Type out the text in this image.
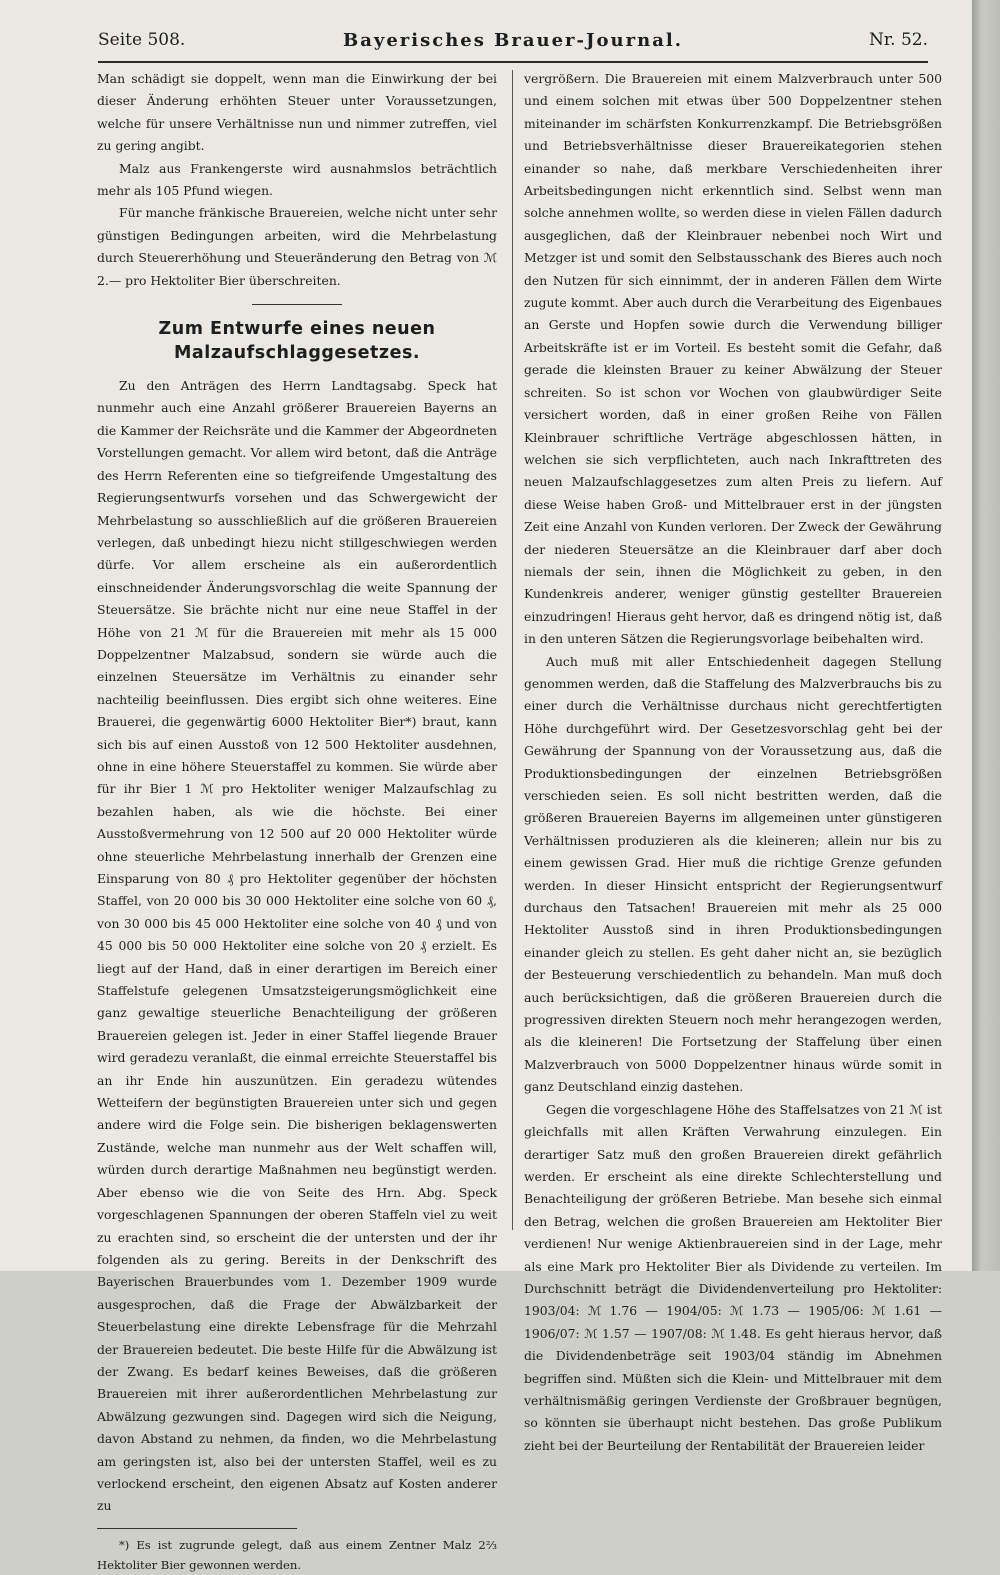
Seite 508.	Bayerisches Brauer-Journal.	Nr. 52.

Man schädigt sie doppelt, wenn man die Einwirkung der bei dieser Änderung erhöhten Steuer unter Voraussetzungen, welche für unsere Verhältnisse nun und nimmer zutreffen, viel zu gering angibt.

Malz aus Frankengerste wird ausnahmslos beträchtlich mehr als 105 Pfund wiegen.

Für manche fränkische Brauereien, welche nicht unter sehr günstigen Bedingungen arbeiten, wird die Mehrbelastung durch Steuererhöhung und Steueränderung den Betrag von ℳ 2.— pro Hektoliter Bier überschreiten.

Zum Entwurfe eines neuen Malzaufschlaggesetzes.

Zu den Anträgen des Herrn Landtagsabg. Speck hat nunmehr auch eine Anzahl größerer Brauereien Bayerns an die Kammer der Reichsräte und die Kammer der Abgeordneten Vorstellungen gemacht. Vor allem wird betont, daß die Anträge des Herrn Referenten eine so tiefgreifende Umgestaltung des Regierungsentwurfs vorsehen und das Schwergewicht der Mehrbelastung so ausschließlich auf die größeren Brauereien verlegen, daß unbedingt hiezu nicht stillgeschwiegen werden dürfe. Vor allem erscheine als ein außerordentlich einschneidender Änderungsvorschlag die weite Spannung der Steuersätze. Sie brächte nicht nur eine neue Staffel in der Höhe von 21 ℳ für die Brauereien mit mehr als 15 000 Doppelzentner Malzabsud, sondern sie würde auch die einzelnen Steuersätze im Verhältnis zu einander sehr nachteilig beeinflussen. Dies ergibt sich ohne weiteres. Eine Brauerei, die gegenwärtig 6000 Hektoliter Bier*) braut, kann sich bis auf einen Ausstoß von 12 500 Hektoliter ausdehnen, ohne in eine höhere Steuerstaffel zu kommen. Sie würde aber für ihr Bier 1 ℳ pro Hektoliter weniger Malzaufschlag zu bezahlen haben, als wie die höchste. Bei einer Ausstoßvermehrung von 12 500 auf 20 000 Hektoliter würde ohne steuerliche Mehrbelastung innerhalb der Grenzen eine Einsparung von 80 ₰ pro Hektoliter gegenüber der höchsten Staffel, von 20 000 bis 30 000 Hektoliter eine solche von 60 ₰, von 30 000 bis 45 000 Hektoliter eine solche von 40 ₰ und von 45 000 bis 50 000 Hektoliter eine solche von 20 ₰ erzielt. Es liegt auf der Hand, daß in einer derartigen im Bereich einer Staffelstufe gelegenen Umsatzsteigerungsmöglichkeit eine ganz gewaltige steuerliche Benachteiligung der größeren Brauereien gelegen ist. Jeder in einer Staffel liegende Brauer wird geradezu veranlaßt, die einmal erreichte Steuerstaffel bis an ihr Ende hin auszunützen. Ein geradezu wütendes Wetteifern der begünstigten Brauereien unter sich und gegen andere wird die Folge sein. Die bisherigen beklagenswerten Zustände, welche man nunmehr aus der Welt schaffen will, würden durch derartige Maßnahmen neu begünstigt werden. Aber ebenso wie die von Seite des Hrn. Abg. Speck vorgeschlagenen Spannungen der oberen Staffeln viel zu weit zu erachten sind, so erscheint die der untersten und der ihr folgenden als zu gering. Bereits in der Denkschrift des Bayerischen Brauerbundes vom 1. Dezember 1909 wurde ausgesprochen, daß die Frage der Abwälzbarkeit der Steuerbelastung eine direkte Lebensfrage für die Mehrzahl der Brauereien bedeutet. Die beste Hilfe für die Abwälzung ist der Zwang. Es bedarf keines Beweises, daß die größeren Brauereien mit ihrer außerordentlichen Mehrbelastung zur Abwälzung gezwungen sind. Dagegen wird sich die Neigung, davon Abstand zu nehmen, da finden, wo die Mehrbelastung am geringsten ist, also bei der untersten Staffel, weil es zu verlockend erscheint, den eigenen Absatz auf Kosten anderer zu

*) Es ist zugrunde gelegt, daß aus einem Zentner Malz 2⅔ Hektoliter Bier gewonnen werden.

vergrößern. Die Brauereien mit einem Malzverbrauch unter 500 und einem solchen mit etwas über 500 Doppelzentner stehen miteinander im schärfsten Konkurrenzkampf. Die Betriebsgrößen und Betriebsverhältnisse dieser Brauereikategorien stehen einander so nahe, daß merkbare Verschiedenheiten ihrer Arbeitsbedingungen nicht erkenntlich sind. Selbst wenn man solche annehmen wollte, so werden diese in vielen Fällen dadurch ausgeglichen, daß der Kleinbrauer nebenbei noch Wirt und Metzger ist und somit den Selbstausschank des Bieres auch noch den Nutzen für sich einnimmt, der in anderen Fällen dem Wirte zugute kommt. Aber auch durch die Verarbeitung des Eigenbaues an Gerste und Hopfen sowie durch die Verwendung billiger Arbeitskräfte ist er im Vorteil. Es besteht somit die Gefahr, daß gerade die kleinsten Brauer zu keiner Abwälzung der Steuer schreiten. So ist schon vor Wochen von glaubwürdiger Seite versichert worden, daß in einer großen Reihe von Fällen Kleinbrauer schriftliche Verträge abgeschlossen hätten, in welchen sie sich verpflichteten, auch nach Inkrafttreten des neuen Malzaufschlaggesetzes zum alten Preis zu liefern. Auf diese Weise haben Groß- und Mittelbrauer erst in der jüngsten Zeit eine Anzahl von Kunden verloren. Der Zweck der Gewährung der niederen Steuersätze an die Kleinbrauer darf aber doch niemals der sein, ihnen die Möglichkeit zu geben, in den Kundenkreis anderer, weniger günstig gestellter Brauereien einzudringen! Hieraus geht hervor, daß es dringend nötig ist, daß in den unteren Sätzen die Regierungsvorlage beibehalten wird.

Auch muß mit aller Entschiedenheit dagegen Stellung genommen werden, daß die Staffelung des Malzverbrauchs bis zu einer durch die Verhältnisse durchaus nicht gerechtfertigten Höhe durchgeführt wird. Der Gesetzesvorschlag geht bei der Gewährung der Spannung von der Voraussetzung aus, daß die Produktionsbedingungen der einzelnen Betriebsgrößen verschieden seien. Es soll nicht bestritten werden, daß die größeren Brauereien Bayerns im allgemeinen unter günstigeren Verhältnissen produzieren als die kleineren; allein nur bis zu einem gewissen Grad. Hier muß die richtige Grenze gefunden werden. In dieser Hinsicht entspricht der Regierungsentwurf durchaus den Tatsachen! Brauereien mit mehr als 25 000 Hektoliter Ausstoß sind in ihren Produktionsbedingungen einander gleich zu stellen. Es geht daher nicht an, sie bezüglich der Besteuerung verschiedentlich zu behandeln. Man muß doch auch berücksichtigen, daß die größeren Brauereien durch die progressiven direkten Steuern noch mehr herangezogen werden, als die kleineren! Die Fortsetzung der Staffelung über einen Malzverbrauch von 5000 Doppelzentner hinaus würde somit in ganz Deutschland einzig dastehen.

Gegen die vorgeschlagene Höhe des Staffelsatzes von 21 ℳ ist gleichfalls mit allen Kräften Verwahrung einzulegen. Ein derartiger Satz muß den großen Brauereien direkt gefährlich werden. Er erscheint als eine direkte Schlechterstellung und Benachteiligung der größeren Betriebe. Man besehe sich einmal den Betrag, welchen die großen Brauereien am Hektoliter Bier verdienen! Nur wenige Aktienbrauereien sind in der Lage, mehr als eine Mark pro Hektoliter Bier als Dividende zu verteilen. Im Durchschnitt beträgt die Dividendenverteilung pro Hektoliter: 1903/04: ℳ 1.76 — 1904/05: ℳ 1.73 — 1905/06: ℳ 1.61 — 1906/07: ℳ 1.57 — 1907/08: ℳ 1.48. Es geht hieraus hervor, daß die Dividendenbeträge seit 1903/04 ständig im Abnehmen begriffen sind. Müßten sich die Klein- und Mittelbrauer mit dem verhältnismäßig geringen Verdienste der Großbrauer begnügen, so könnten sie überhaupt nicht bestehen. Das große Publikum zieht bei der Beurteilung der Rentabilität der Brauereien leider
